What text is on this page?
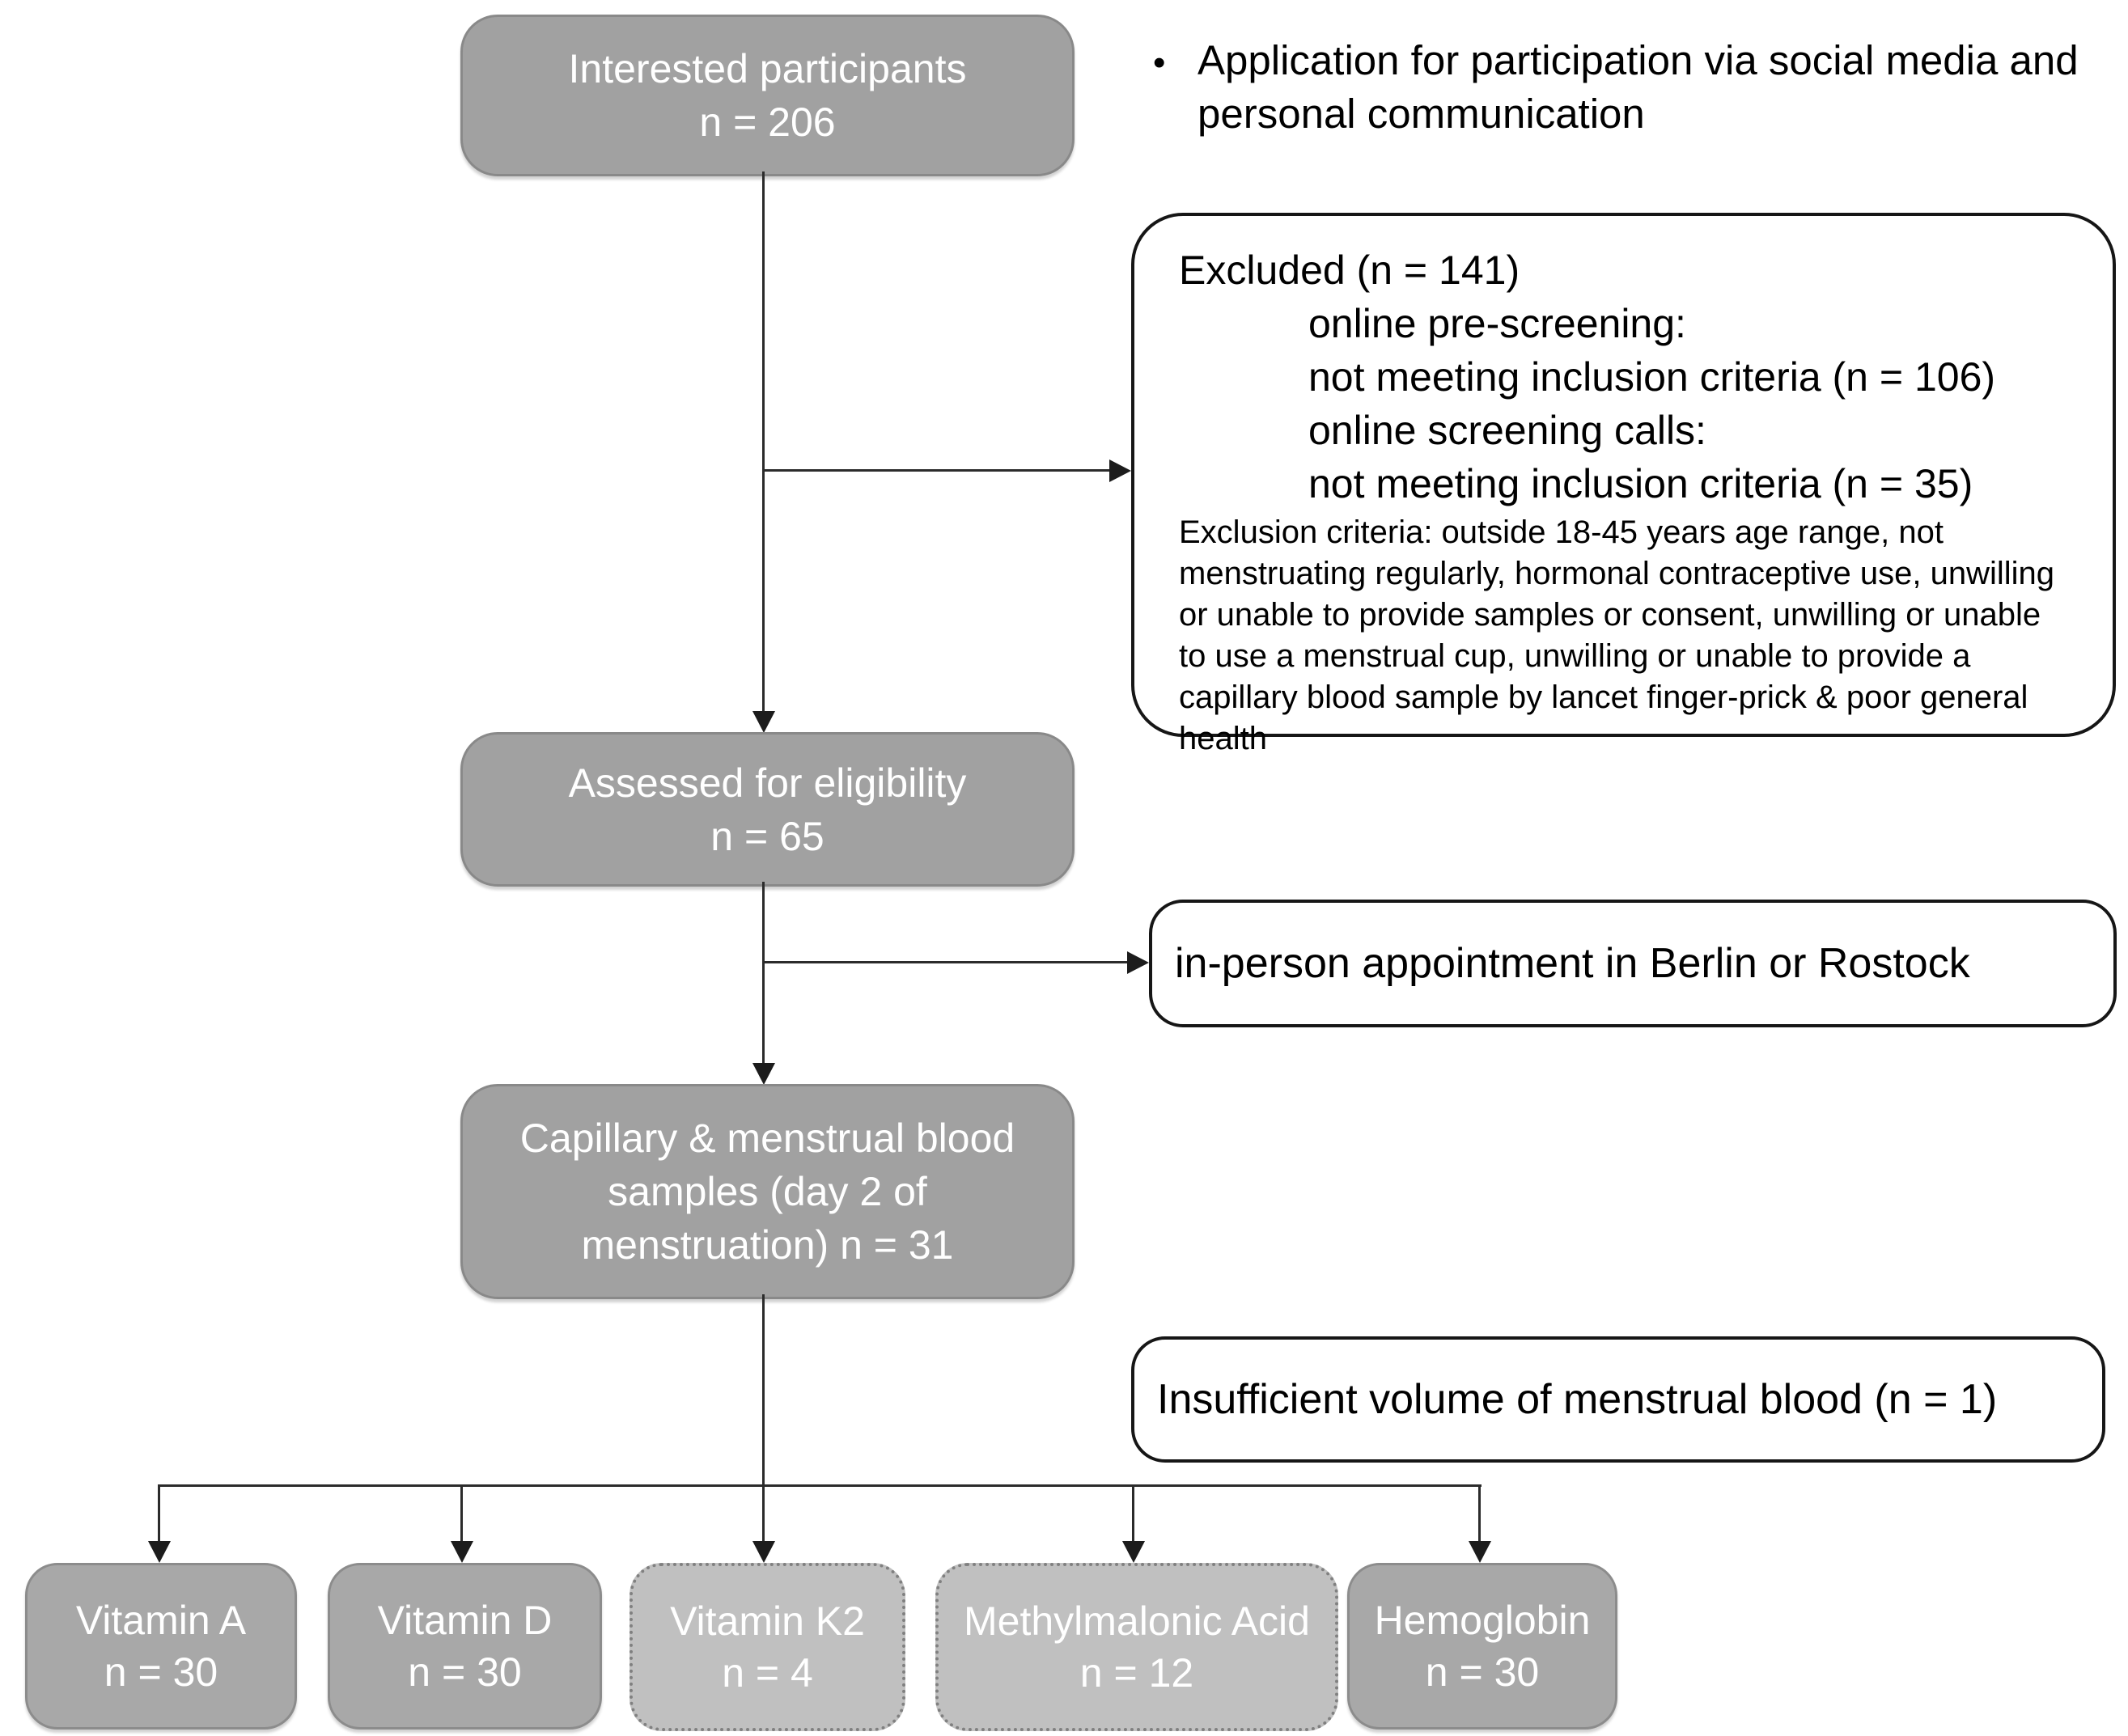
Interested participants
n = 206
• Application for participation via social media and
personal communication
Excluded (n = 141)
online pre-screening:
not meeting inclusion criteria (n = 106)
online screening calls:
not meeting inclusion criteria (n = 35)
Exclusion criteria: outside 18-45 years age range, not menstruating regularly, hormonal contraceptive use, unwilling or unable to provide samples or consent, unwilling or unable to use a menstrual cup, unwilling or unable to provide a capillary blood sample by lancet finger-prick & poor general health
Assessed for eligibility
n = 65
in-person appointment in Berlin or Rostock
Capillary & menstrual blood
samples (day 2 of
menstruation) n = 31
Insufficient volume of menstrual blood (n = 1)
Vitamin A
n = 30
Vitamin D
n = 30
Vitamin K2
n = 4
Methylmalonic Acid
n = 12
Hemoglobin
n = 30
